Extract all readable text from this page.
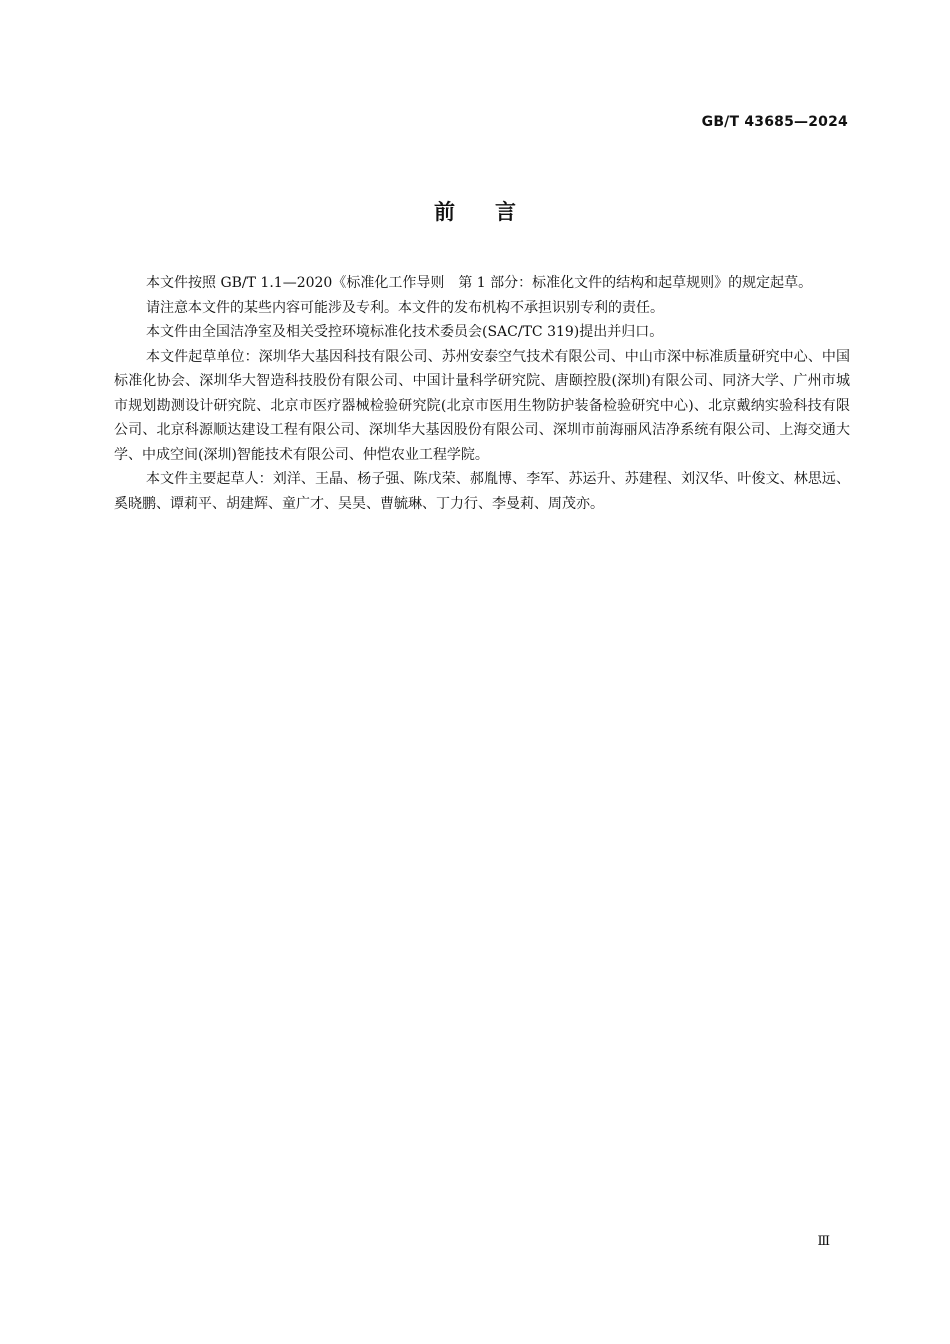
GB/T 43685—2024
前言

本文件按照 GB/T 1.1—2020《标准化工作导则　第 1 部分：标准化文件的结构和起草规则》的规定起草。

请注意本文件的某些内容可能涉及专利。本文件的发布机构不承担识别专利的责任。

本文件由全国洁净室及相关受控环境标准化技术委员会(SAC/TC 319)提出并归口。

本文件起草单位：深圳华大基因科技有限公司、苏州安泰空气技术有限公司、中山市深中标准质量研究中心、中国标准化协会、深圳华大智造科技股份有限公司、中国计量科学研究院、唐颐控股(深圳)有限公司、同济大学、广州市城市规划勘测设计研究院、北京市医疗器械检验研究院(北京市医用生物防护装备检验研究中心)、北京戴纳实验科技有限公司、北京科源顺达建设工程有限公司、深圳华大基因股份有限公司、深圳市前海丽风洁净系统有限公司、上海交通大学、中成空间(深圳)智能技术有限公司、仲恺农业工程学院。

本文件主要起草人：刘洋、王晶、杨子强、陈戊荣、郝胤博、李军、苏运升、苏建程、刘汉华、叶俊文、林思远、奚晓鹏、谭莉平、胡建辉、童广才、吴昊、曹毓琳、丁力行、李曼莉、周茂亦。

Ⅲ
